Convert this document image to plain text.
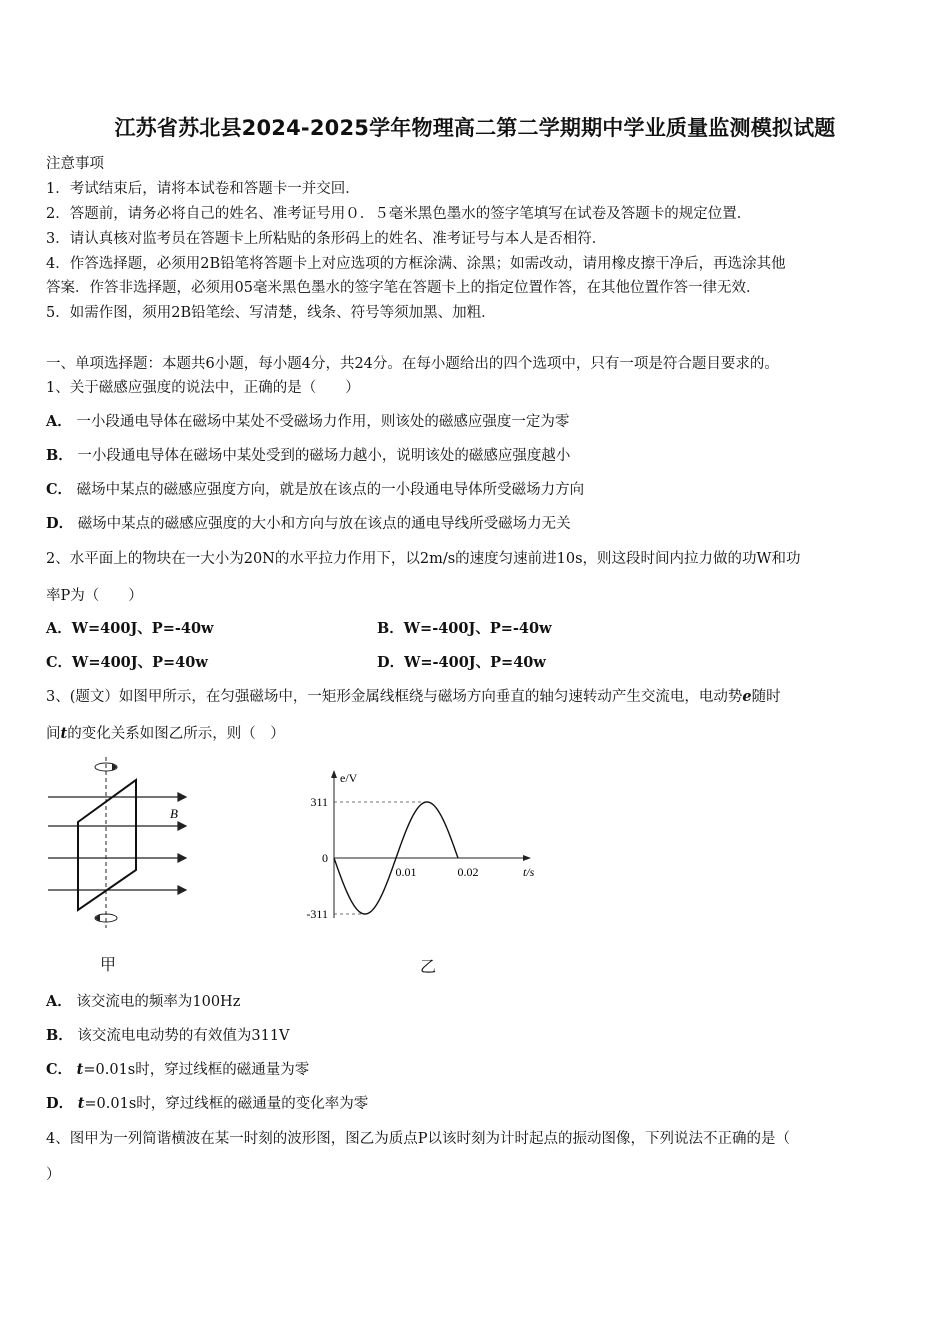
江苏省苏北县2024-2025学年物理高二第二学期期中学业质量监测模拟试题
注意事项
1．考试结束后，请将本试卷和答题卡一并交回．
2．答题前，请务必将自己的姓名、准考证号用０．５毫米黑色墨水的签字笔填写在试卷及答题卡的规定位置．
3．请认真核对监考员在答题卡上所粘贴的条形码上的姓名、准考证号与本人是否相符．
4．作答选择题，必须用2B铅笔将答题卡上对应选项的方框涂满、涂黑；如需改动，请用橡皮擦干净后，再选涂其他
答案．作答非选择题，必须用05毫米黑色墨水的签字笔在答题卡上的指定位置作答，在其他位置作答一律无效．
5．如需作图，须用2B铅笔绘、写清楚，线条、符号等须加黑、加粗．
一、单项选择题：本题共6小题，每小题4分，共24分。在每小题给出的四个选项中，只有一项是符合题目要求的。
1、关于磁感应强度的说法中，正确的是（　　）
A． 一小段通电导体在磁场中某处不受磁场力作用，则该处的磁感应强度一定为零
B． 一小段通电导体在磁场中某处受到的磁场力越小，说明该处的磁感应强度越小
C． 磁场中某点的磁感应强度方向，就是放在该点的一小段通电导体所受磁场力方向
D． 磁场中某点的磁感应强度的大小和方向与放在该点的通电导线所受磁场力无关
2、水平面上的物块在一大小为20N的水平拉力作用下，以2m/s的速度匀速前进10s，则这段时间内拉力做的功W和功
率P为（　　）
A．W=400J、P=-40w	B．W=-400J、P=-40w
C．W=400J、P=40w	D．W=-400J、P=40w
3、(题文）如图甲所示，在匀强磁场中，一矩形金属线框绕与磁场方向垂直的轴匀速转动产生交流电，电动势e随时
间t的变化关系如图乙所示，则（　）
B
甲
e/V
t/s
311
0
-311
0.01	0.02
乙
A． 该交流电的频率为100Hz
B． 该交流电电动势的有效值为311V
C． t=0.01s时，穿过线框的磁通量为零
D． t=0.01s时，穿过线框的磁通量的变化率为零
4、图甲为一列简谐横波在某一时刻的波形图，图乙为质点P以该时刻为计时起点的振动图像，下列说法不正确的是（
）
